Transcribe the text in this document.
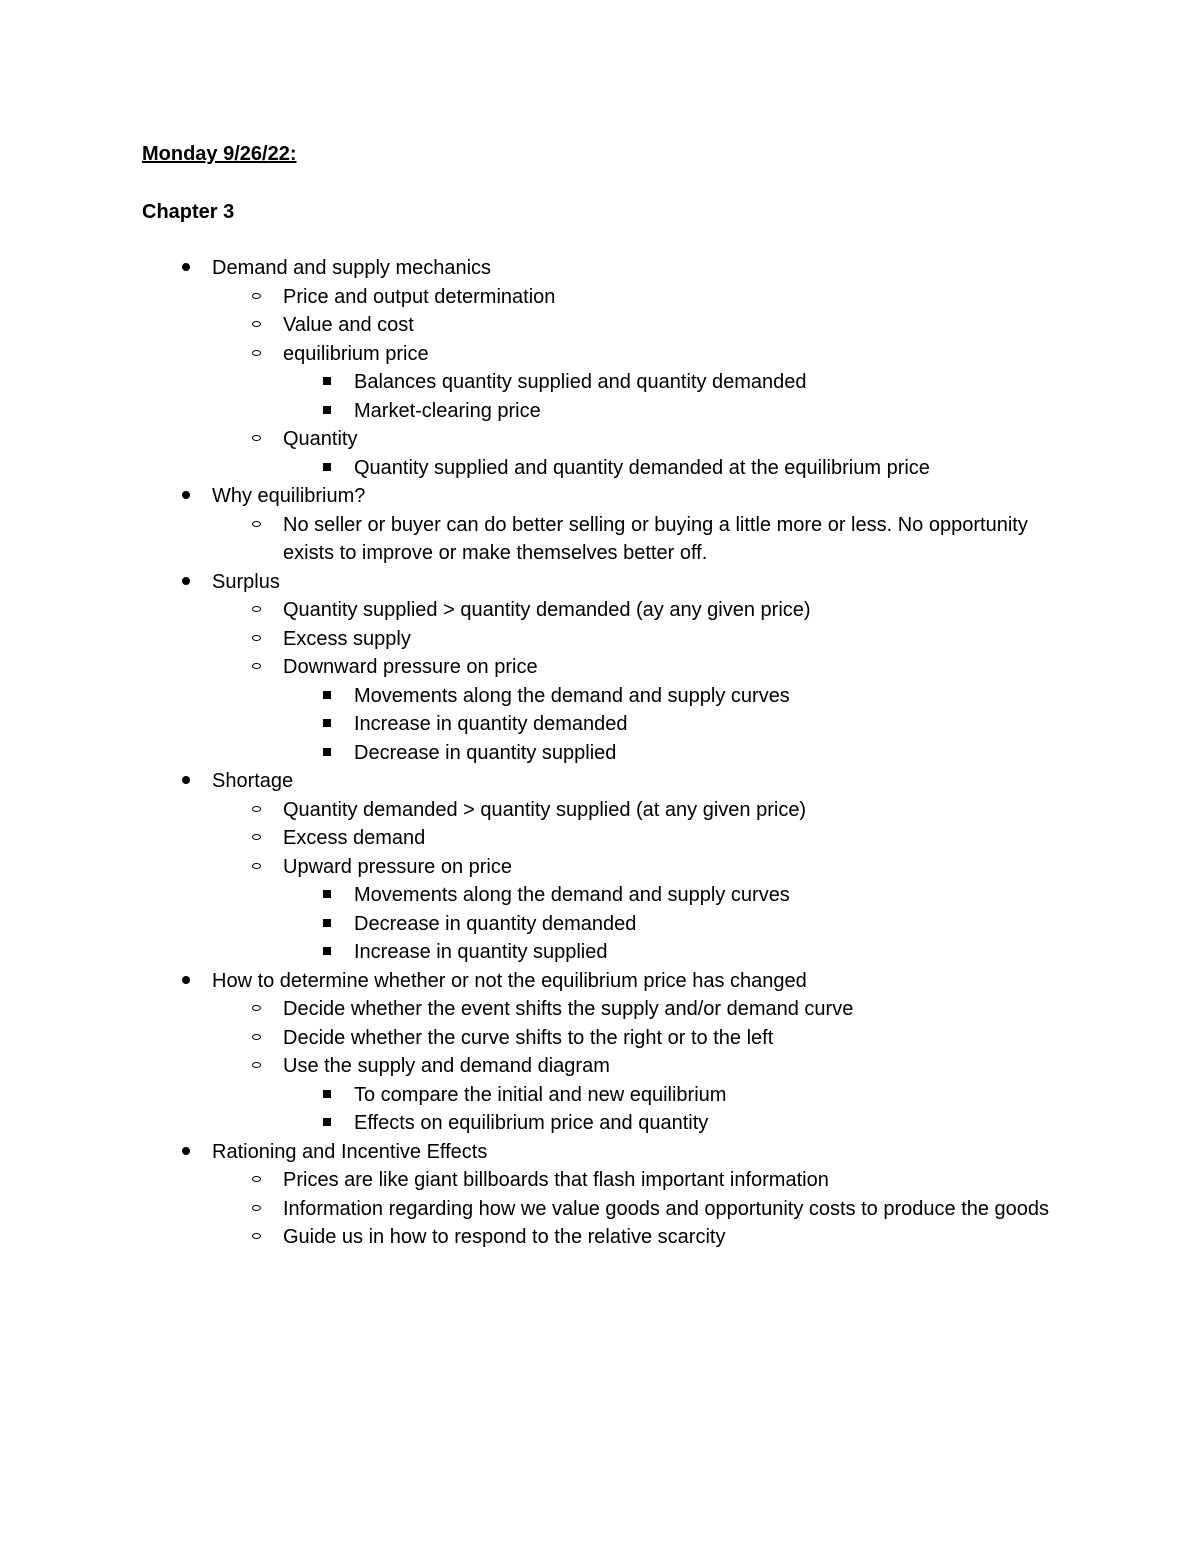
Monday 9/26/22:

Chapter 3

Demand and supply mechanics
Price and output determination
Value and cost
equilibrium price
Balances quantity supplied and quantity demanded
Market-clearing price
Quantity
Quantity supplied and quantity demanded at the equilibrium price
Why equilibrium?
No seller or buyer can do better selling or buying a little more or less. No opportunity exists to improve or make themselves better off.
Surplus
Quantity supplied > quantity demanded (ay any given price)
Excess supply
Downward pressure on price
Movements along the demand and supply curves
Increase in quantity demanded
Decrease in quantity supplied
Shortage
Quantity demanded > quantity supplied (at any given price)
Excess demand
Upward pressure on price
Movements along the demand and supply curves
Decrease in quantity demanded
Increase in quantity supplied
How to determine whether or not the equilibrium price has changed
Decide whether the event shifts the supply and/or demand curve
Decide whether the curve shifts to the right or to the left
Use the supply and demand diagram
To compare the initial and new equilibrium
Effects on equilibrium price and quantity
Rationing and Incentive Effects
Prices are like giant billboards that flash important information
Information regarding how we value goods and opportunity costs to produce the goods
Guide us in how to respond to the relative scarcity
